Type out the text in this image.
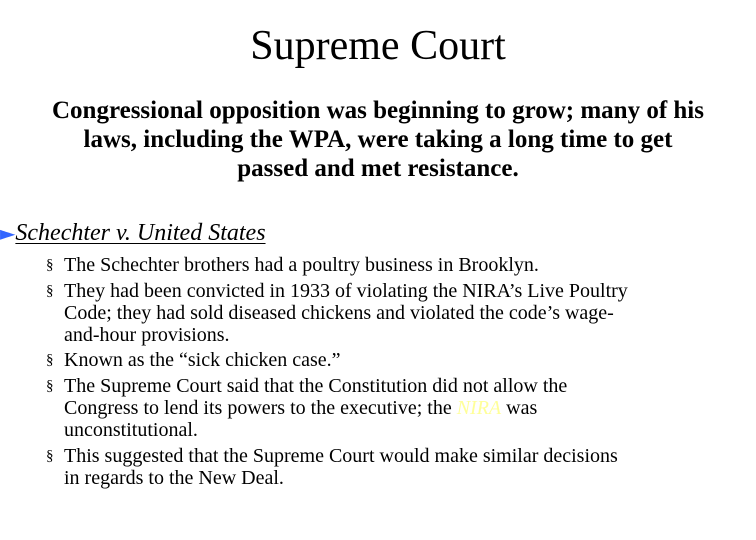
Supreme Court
Congressional opposition was beginning to grow; many of his
laws, including the WPA, were taking a long time to get
passed and met resistance.
►Schechter v. United States
§ The Schechter brothers had a poultry business in Brooklyn.
§ They had been convicted in 1933 of violating the NIRA’s Live Poultry
Code; they had sold diseased chickens and violated the code’s wage-
and-hour provisions.
§ Known as the “sick chicken case.”
§ The Supreme Court said that the Constitution did not allow the
Congress to lend its powers to the executive; the NIRA was
unconstitutional.
§ This suggested that the Supreme Court would make similar decisions
in regards to the New Deal.
